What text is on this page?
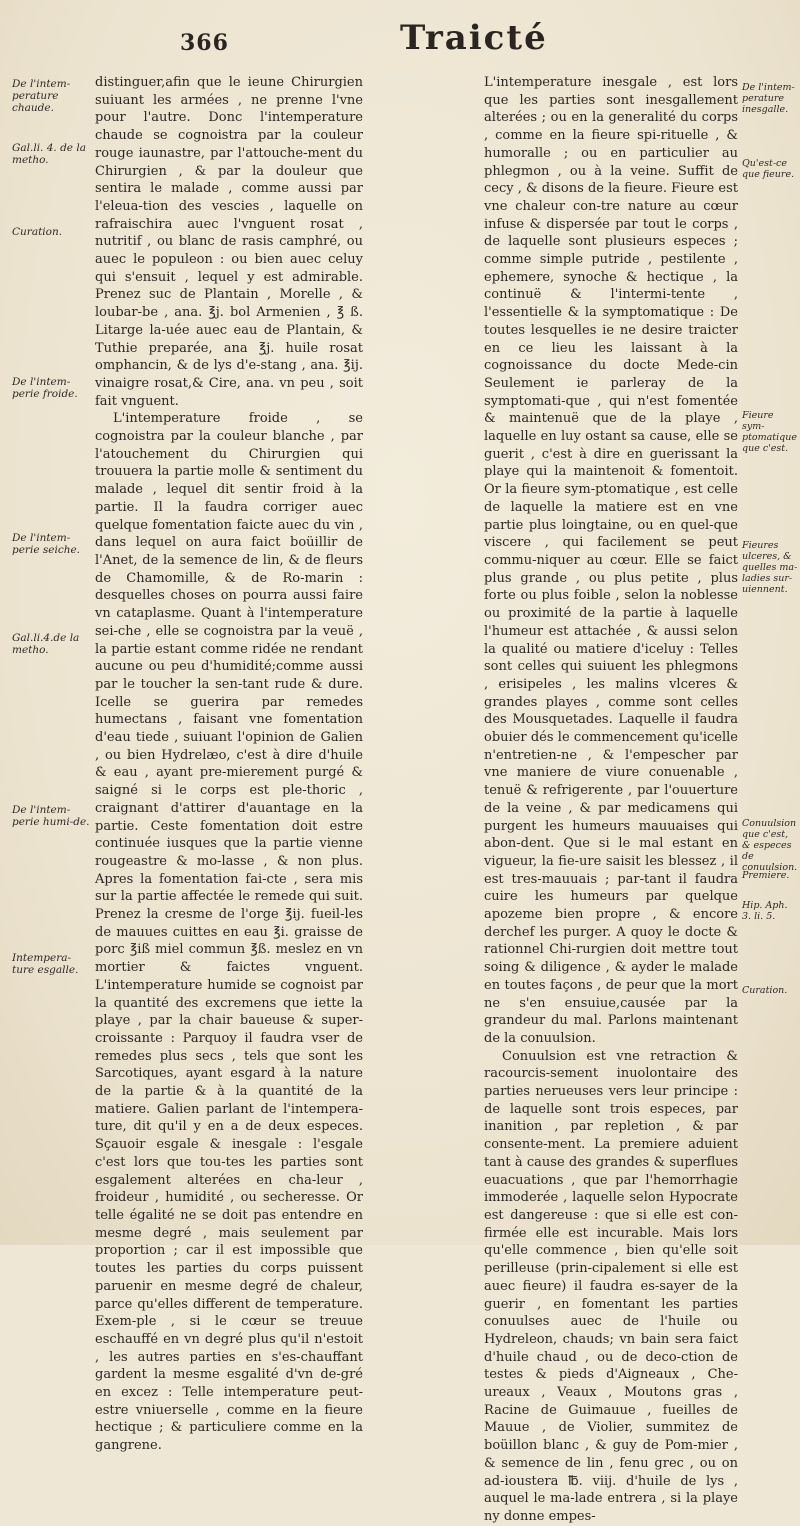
366	Traicté
De l'intem-perature chaude.
Gal.li. 4. de la metho.
Curation.
De l'intem-perie froide.
De l'intem-perie seiche.
Gal.li.4.de la metho.
De l'intem-perie humi-de.
Intempera-ture esgalle.

distinguer,afin que le ieune Chirurgien suiuant les armées , ne prenne l'vne pour l'autre. Donc l'intemperature chaude se cognoistra par la couleur rouge iaunastre, par l'attouche-ment du Chirurgien , & par la douleur que sentira le malade , comme aussi par l'eleua-tion des vescies , laquelle on rafraischira auec l'vnguent rosat , nutritif , ou blanc de rasis camphré, ou auec le populeon : ou bien auec celuy qui s'ensuit , lequel y est admirable. Prenez suc de Plantain , Morelle , & loubar-be , ana. ℥j. bol Armenien , ℥ ß. Litarge la-uée auec eau de Plantain, & Tuthie preparée, ana ℥j. huile rosat omphancin, & de lys d'e-stang , ana. ℥ij. vinaigre rosat,& Cire, ana. vn peu , soit fait vnguent.

L'intemperature froide , se cognoistra par la couleur blanche , par l'atouchement du Chirurgien qui trouuera la partie molle & sentiment du malade , lequel dit sentir froid à la partie. Il la faudra corriger auec quelque fomentation faicte auec du vin , dans lequel on aura faict boüillir de l'Anet, de la semence de lin, & de fleurs de Chamomille, & de Ro-marin : desquelles choses on pourra aussi faire vn cataplasme. Quant à l'intemperature sei-che , elle se cognoistra par la veuë , la partie estant comme ridée ne rendant aucune ou peu d'humidité;comme aussi par le toucher la sen-tant rude & dure. Icelle se guerira par remedes humectans , faisant vne fomentation d'eau tiede , suiuant l'opinion de Galien , ou bien Hydrelæo, c'est à dire d'huile & eau , ayant pre-mierement purgé & saigné si le corps est ple-thoric , craignant d'attirer d'auantage en la partie. Ceste fomentation doit estre continuée iusques que la partie vienne rougeastre & mo-lasse , & non plus. Apres la fomentation fai-cte , sera mis sur la partie affectée le remede qui suit. Prenez la cresme de l'orge ℥ij. fueil-les de mauues cuittes en eau ℥i. graisse de porc ℥iß miel commun ℥ß. meslez en vn mortier & faictes vnguent. L'intemperature humide se cognoist par la quantité des excremens que iette la playe , par la chair baueuse & super-croissante : Parquoy il faudra vser de remedes plus secs , tels que sont les Sarcotiques, ayant esgard à la nature de la partie & à la quantité de la matiere. Galien parlant de l'intempera-ture, dit qu'il y en a de deux especes. Sçauoir esgale & inesgale : l'esgale c'est lors que tou-tes les parties sont esgalement alterées en cha-leur , froideur , humidité , ou secheresse. Or telle égalité ne se doit pas entendre en mesme degré , mais seulement par proportion ; car il est impossible que toutes les parties du corps puissent paruenir en mesme degré de chaleur, parce qu'elles different de temperature. Exem-ple , si le cœur se treuue eschauffé en vn degré plus qu'il n'estoit , les autres parties en s'es-chauffant gardent la mesme esgalité d'vn de-gré en excez : Telle intemperature peut-estre vniuerselle , comme en la fieure hectique ; & particuliere comme en la gangrene.

L'intemperature inesgale , est lors que les parties sont inesgallement alterées ; ou en la generalité du corps , comme en la fieure spi-rituelle , & humoralle ; ou en particulier au phlegmon , ou à la veine. Suffit de cecy , & disons de la fieure. Fieure est vne chaleur con-tre nature au cœur infuse & dispersée par tout le corps , de laquelle sont plusieurs especes ; comme simple putride , pestilente , ephemere, synoche & hectique , la continuë & l'intermi-tente , l'essentielle & la symptomatique : De toutes lesquelles ie ne desire traicter en ce lieu les laissant à la cognoissance du docte Mede-cin Seulement ie parleray de la symptomati-que , qui n'est fomentée & maintenuë que de la playe , laquelle en luy ostant sa cause, elle se guerit , c'est à dire en guerissant la playe qui la maintenoit & fomentoit. Or la fieure sym-ptomatique , est celle de laquelle la matiere est en vne partie plus loingtaine, ou en quel-que viscere , qui facilement se peut commu-niquer au cœur. Elle se faict plus grande , ou plus petite , plus forte ou plus foible , selon la noblesse ou proximité de la partie à laquelle l'humeur est attachée , & aussi selon la qualité ou matiere d'iceluy : Telles sont celles qui suiuent les phlegmons , erisipeles , les malins vlceres & grandes playes , comme sont celles des Mousquetades. Laquelle il faudra obuier dés le commencement qu'icelle n'entretien-ne , & l'empescher par vne maniere de viure conuenable , tenuë & refrigerente , par l'ouuerture de la veine , & par medicamens qui purgent les humeurs mauuaises qui abon-dent. Que si le mal estant en vigueur, la fie-ure saisit les blessez , il est tres-mauuais ; par-tant il faudra cuire les humeurs par quelque apozeme bien propre , & encore derchef les purger. A quoy le docte & rationnel Chi-rurgien doit mettre tout soing & diligence , & ayder le malade en toutes façons , de peur que la mort ne s'en ensuiue,causée par la grandeur du mal. Parlons maintenant de la conuulsion.

Conuulsion est vne retraction & racourcis-sement inuolontaire des parties nerueuses vers leur principe : de laquelle sont trois especes, par inanition , par repletion , & par consente-ment. La premiere aduient tant à cause des grandes & superflues euacuations , que par l'hemorrhagie immoderée , laquelle selon Hypocrate est dangereuse : que si elle est con-firmée elle est incurable. Mais lors qu'elle commence , bien qu'elle soit perilleuse (prin-cipalement si elle est auec fieure) il faudra es-sayer de la guerir , en fomentant les parties conuulses auec de l'huile ou Hydreleon, chauds; vn bain sera faict d'huile chaud , ou de deco-ction de testes & pieds d'Aigneaux , Che-ureaux , Veaux , Moutons gras , Racine de Guimauue , fueilles de Mauue , de Violier, summitez de boüillon blanc , & guy de Pom-mier , & semence de lin , fenu grec , ou on ad-ioustera ℔. viij. d'huile de lys , auquel le ma-lade entrera , si la playe ny donne empes-

De l'intem-perature inesgalle.
Qu'est-ce que fieure.
Fieure sym-ptomatique que c'est.
Fieures ulceres, & quelles ma-ladies sur-uiennent.
Conuulsion que c'est, & especes de conuulsion.
Premiere.
Hip. Aph. 3. li. 5.
Curation.
